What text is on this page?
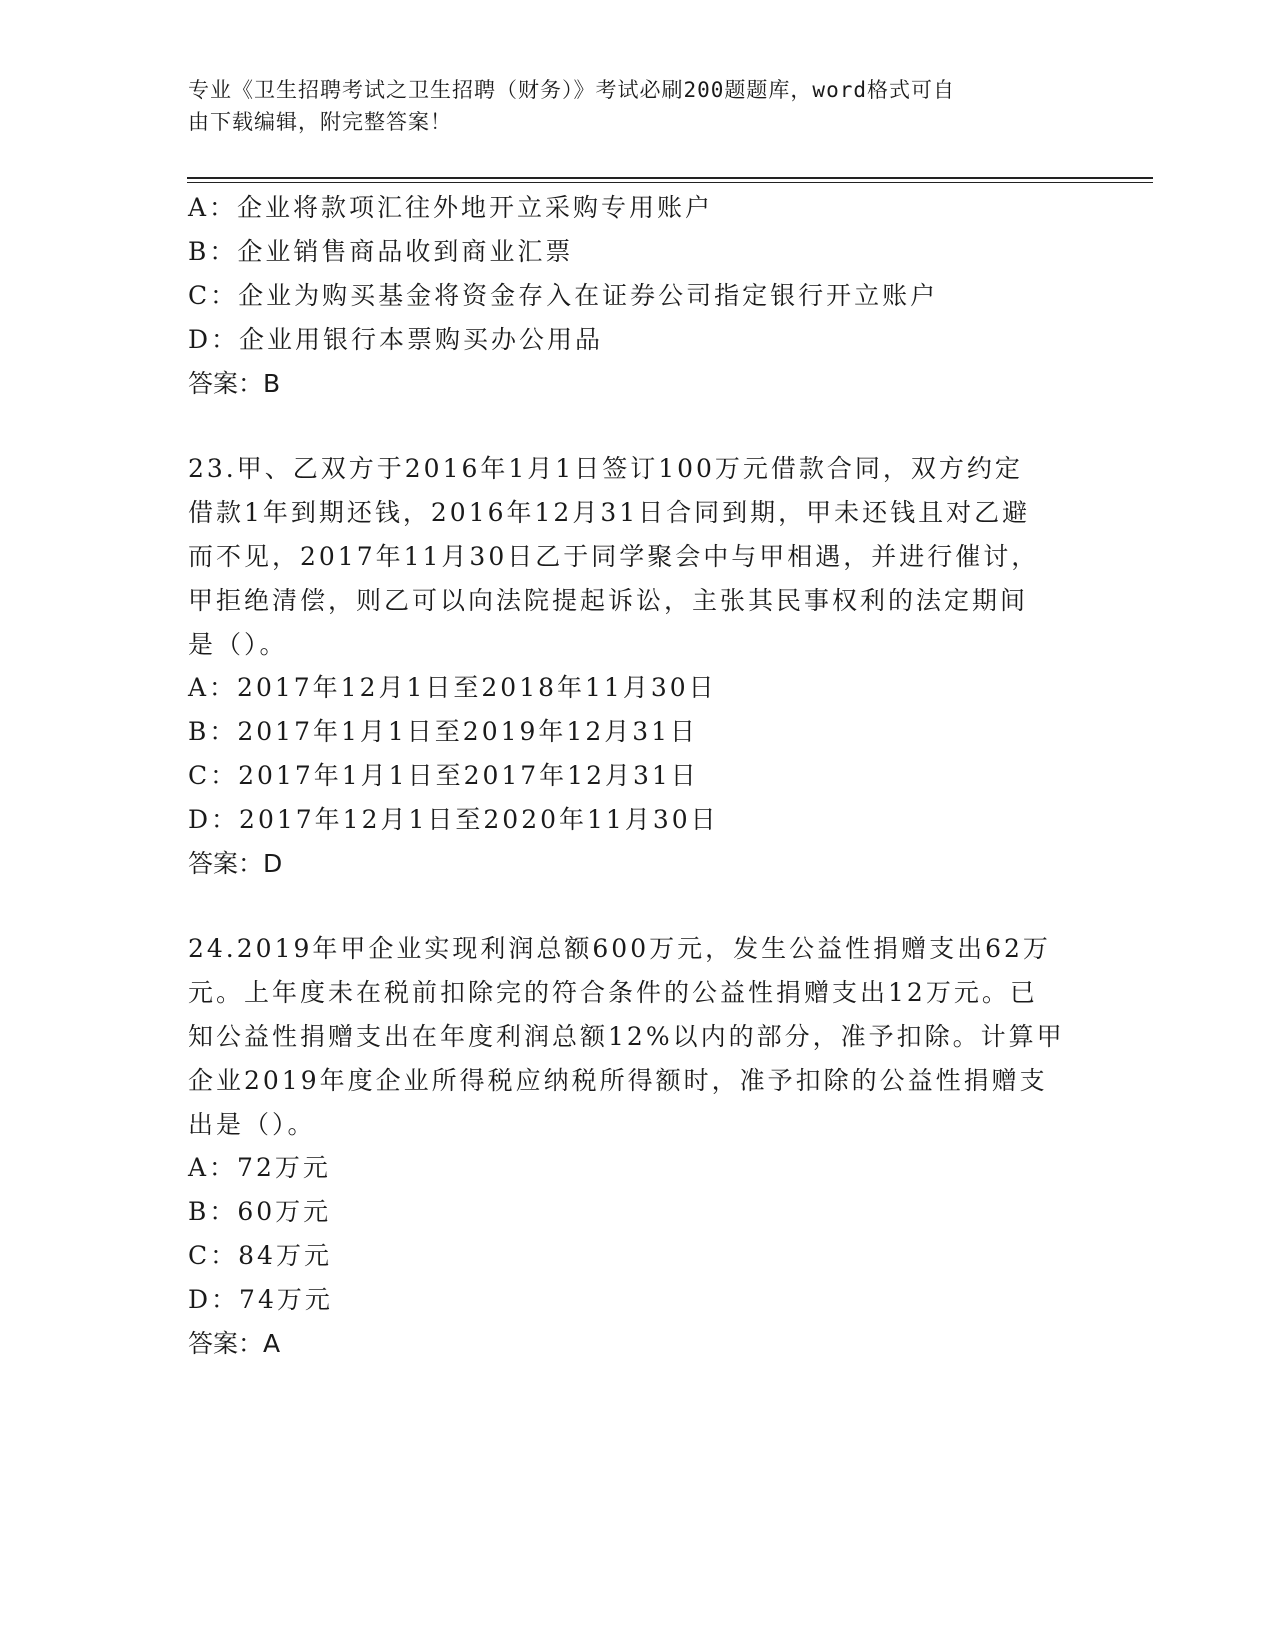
专业《卫生招聘考试之卫生招聘（财务）》考试必刷200题题库，word格式可自
由下载编辑，附完整答案！
A：企业将款项汇往外地开立采购专用账户
B：企业销售商品收到商业汇票
C：企业为购买基金将资金存入在证券公司指定银行开立账户
D：企业用银行本票购买办公用品
答案：B
23.甲、乙双方于2016年1月1日签订100万元借款合同，双方约定
借款1年到期还钱，2016年12月31日合同到期，甲未还钱且对乙避
而不见，2017年11月30日乙于同学聚会中与甲相遇，并进行催讨，
甲拒绝清偿，则乙可以向法院提起诉讼，主张其民事权利的法定期间
是（）。
A：2017年12月1日至2018年11月30日
B：2017年1月1日至2019年12月31日
C：2017年1月1日至2017年12月31日
D：2017年12月1日至2020年11月30日
答案：D
24.2019年甲企业实现利润总额600万元，发生公益性捐赠支出62万
元。上年度未在税前扣除完的符合条件的公益性捐赠支出12万元。已
知公益性捐赠支出在年度利润总额12%以内的部分，准予扣除。计算甲
企业2019年度企业所得税应纳税所得额时，准予扣除的公益性捐赠支
出是（）。
A：72万元
B：60万元
C：84万元
D：74万元
答案：A
